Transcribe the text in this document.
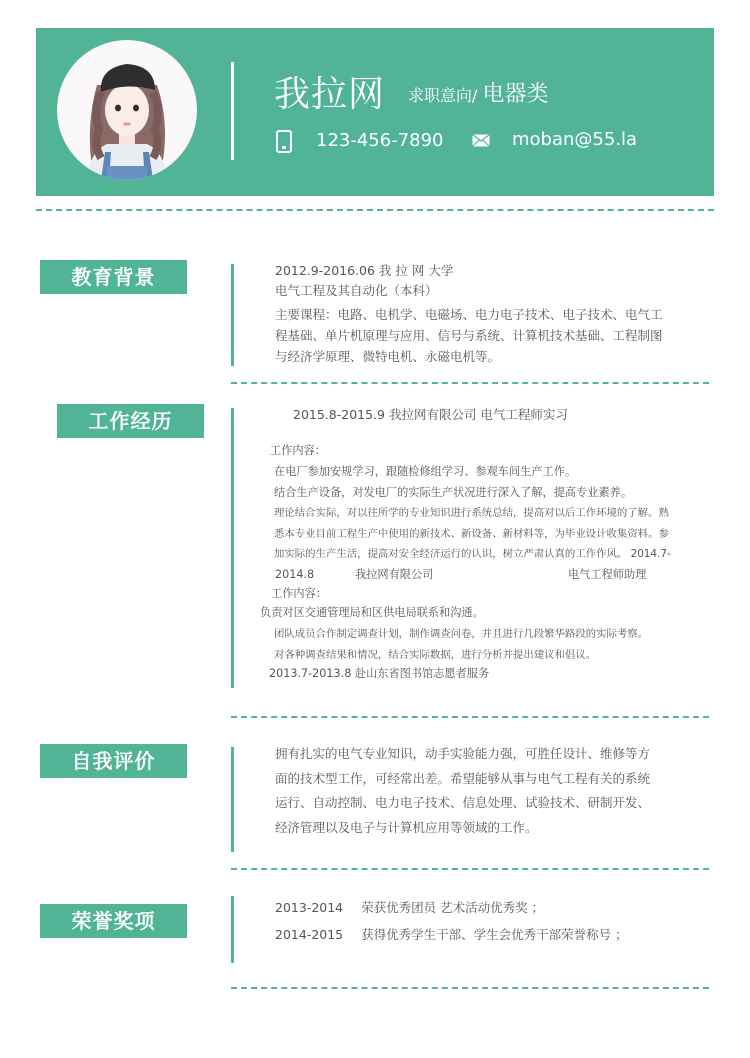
我拉网 求职意向/ 电器类
123-456-7890	moban@55.la
教育背景	2012.9-2016.06 我 拉 网 大学
电气工程及其自动化（本科）
主要课程：电路、电机学、电磁场、电力电子技术、电子技术、电气工
程基础、单片机原理与应用、信号与系统、计算机技术基础、工程制图
与经济学原理、微特电机、永磁电机等。
工作经历	2015.8-2015.9 我拉网有限公司 电气工程师实习
工作内容：
在电厂参加安规学习，跟随检修组学习、参观车间生产工作。
结合生产设备，对发电厂的实际生产状况进行深入了解，提高专业素养。
理论结合实际，对以往所学的专业知识进行系统总结，提高对以后工作环境的了解。熟
悉本专业目前工程生产中使用的新技术、新设备、新材料等，为毕业设计收集资料。参
加实际的生产生活，提高对安全经济运行的认识，树立严肃认真的工作作风。 2014.7-
2014.8	我拉网有限公司	电气工程师助理
工作内容：
负责对区交通管理局和区供电局联系和沟通。
团队成员合作制定调查计划，制作调查问卷，并且进行几段繁华路段的实际考察。
对各种调查结果和情况，结合实际数据，进行分析并提出建议和倡议。
2013.7-2013.8 赴山东省图书馆志愿者服务
自我评价	拥有扎实的电气专业知识，动手实验能力强，可胜任设计、维修等方
面的技术型工作，可经常出差。希望能够从事与电气工程有关的系统
运行、自动控制、电力电子技术、信息处理、试验技术、研制开发、
经济管理以及电子与计算机应用等领域的工作。
荣誉奖项
2013-2014 荣获优秀团员 艺术活动优秀奖 ；
2014-2015 获得优秀学生干部、学生会优秀干部荣誉称号 ；
